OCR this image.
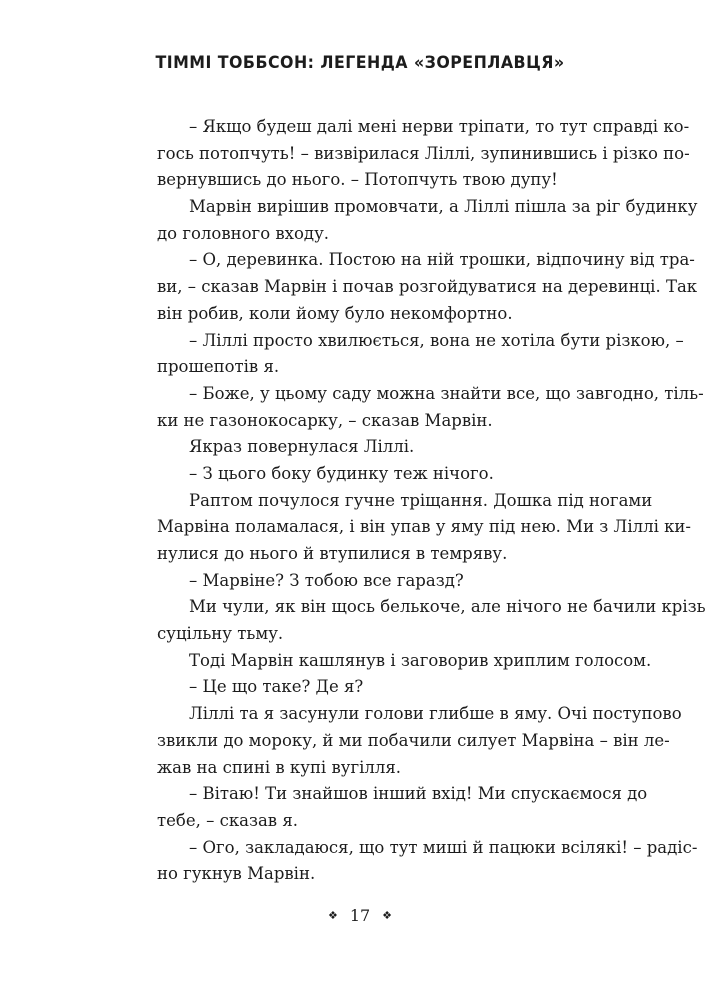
ТІММІ ТОББСОН: ЛЕГЕНДА «ЗОРЕПЛАВЦЯ»
– Якщо будеш далі мені нерви тріпати, то тут справді ко-
гось потопчуть! – визвірилася Ліллі, зупинившись і різко по-
вернувшись до нього. – Потопчуть твою дупу!
Марвін вирішив промовчати, а Ліллі пішла за ріг будинку
до головного входу.
– О, деревинка. Постою на ній трошки, відпочину від тра-
ви, – сказав Марвін і почав розгойдуватися на деревинці. Так
він робив, коли йому було некомфортно.
– Ліллі просто хвилюється, вона не хотіла бути різкою, –
прошепотів я.
– Боже, у цьому саду можна знайти все, що завгодно, тіль-
ки не газонокосарку, – сказав Марвін.
Якраз повернулася Ліллі.
– З цього боку будинку теж нічого.
Раптом почулося гучне тріщання. Дошка під ногами
Марвіна поламалася, і він упав у яму під нею. Ми з Ліллі ки-
нулися до нього й втупилися в темряву.
– Марвіне? З тобою все гаразд?
Ми чули, як він щось белькоче, але нічого не бачили крізь
суцільну тьму.
Тоді Марвін кашлянув і заговорив хриплим голосом.
– Це що таке? Де я?
Ліллі та я засунули голови глибше в яму. Очі поступово
звикли до мороку, й ми побачили силует Марвіна – він ле-
жав на спині в купі вугілля.
– Вітаю! Ти знайшов інший вхід! Ми спускаємося до
тебе, – сказав я.
– Ого, закладаюся, що тут миші й пацюки всілякі! – радіс-
но гукнув Марвін.
❖ 17 ❖
